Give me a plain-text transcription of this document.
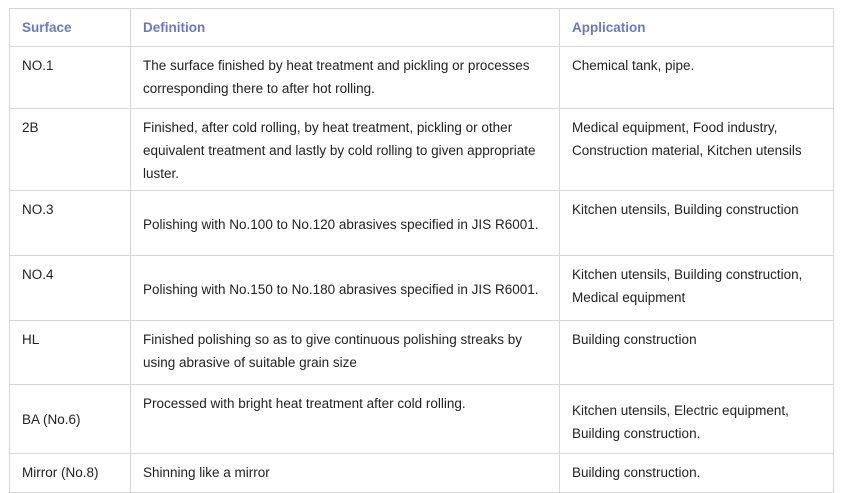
Surface	Definition	Application
NO.1	The surface finished by heat treatment and pickling or processes corresponding there to after hot rolling.	Chemical tank, pipe.
2B	Finished, after cold rolling, by heat treatment, pickling or other equivalent treatment and lastly by cold rolling to given appropriate luster.	Medical equipment, Food industry, Construction material, Kitchen utensils
NO.3	Polishing with No.100 to No.120 abrasives specified in JIS R6001.	Kitchen utensils, Building construction
NO.4	Polishing with No.150 to No.180 abrasives specified in JIS R6001.	Kitchen utensils, Building construction, Medical equipment
HL	Finished polishing so as to give continuous polishing streaks by using abrasive of suitable grain size	Building construction
BA (No.6)	Processed with bright heat treatment after cold rolling.	Kitchen utensils, Electric equipment, Building construction.
Mirror (No.8)	Shinning like a mirror	Building construction.
